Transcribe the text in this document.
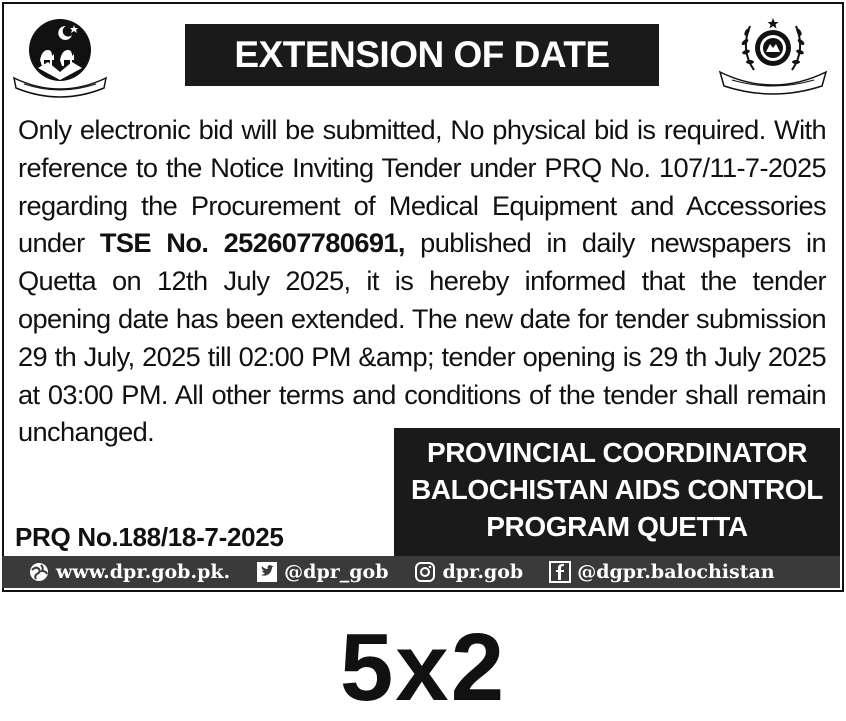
EXTENSION OF DATE
Only electronic bid will be submitted, No physical bid is required. With reference to the Notice Inviting Tender under PRQ No. 107/11-7-2025 regarding the Procurement of Medical Equipment and Accessories under TSE No. 252607780691, published in daily newspapers in Quetta on 12th July 2025, it is hereby informed that the tender opening date has been extended. The new date for tender submission 29 th July, 2025 till 02:00 PM &amp; tender opening is 29 th July 2025 at 03:00 PM. All other terms and conditions of the tender shall remain unchanged.
PROVINCIAL COORDINATOR
BALOCHISTAN AIDS CONTROL
PROGRAM QUETTA
PRQ No.188/18-7-2025
www.dpr.gob.pk.	@dpr_gob	dpr.gob	@dgpr.balochistan
5x2
